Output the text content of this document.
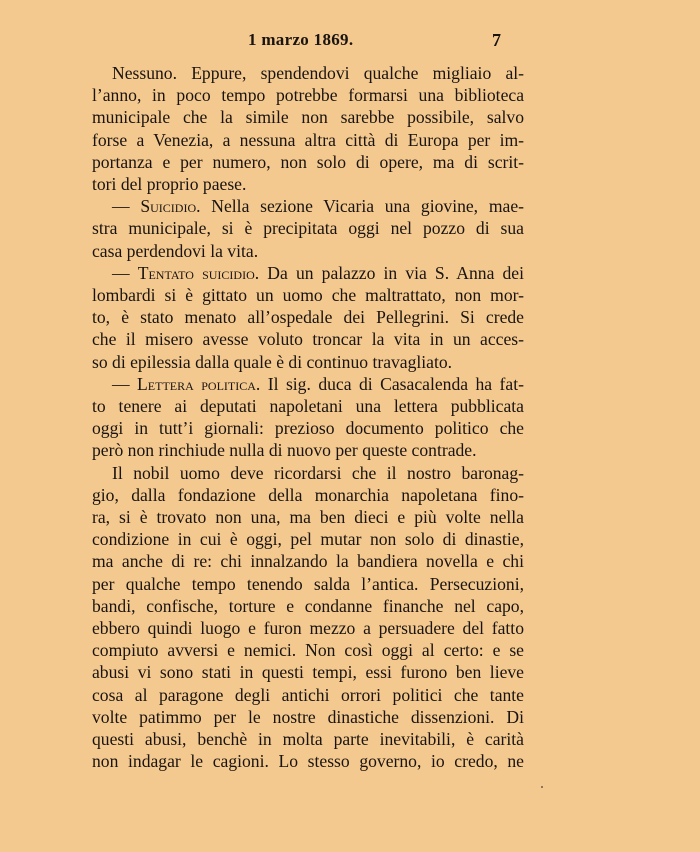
1 marzo 1869.	7
Nessuno. Eppure, spendendovi qualche migliaio al-
l’anno, in poco tempo potrebbe formarsi una biblioteca
municipale che la simile non sarebbe possibile, salvo
forse a Venezia, a nessuna altra città di Europa per im-
portanza e per numero, non solo di opere, ma di scrit-
tori del proprio paese.
— Suicidio. Nella sezione Vicaria una giovine, mae-
stra municipale, si è precipitata oggi nel pozzo di sua
casa perdendovi la vita.
— Tentato suicidio. Da un palazzo in via S. Anna dei
lombardi si è gittato un uomo che maltrattato, non mor-
to, è stato menato all’ospedale dei Pellegrini. Si crede
che il misero avesse voluto troncar la vita in un acces-
so di epilessia dalla quale è di continuo travagliato.
— Lettera politica. Il sig. duca di Casacalenda ha fat-
to tenere ai deputati napoletani una lettera pubblicata
oggi in tutt’i giornali: prezioso documento politico che
però non rinchiude nulla di nuovo per queste contrade.
Il nobil uomo deve ricordarsi che il nostro baronag-
gio, dalla fondazione della monarchia napoletana fino-
ra, si è trovato non una, ma ben dieci e più volte nella
condizione in cui è oggi, pel mutar non solo di dinastie,
ma anche di re: chi innalzando la bandiera novella e chi
per qualche tempo tenendo salda l’antica. Persecuzioni,
bandi, confische, torture e condanne finanche nel capo,
ebbero quindi luogo e furon mezzo a persuadere del fatto
compiuto avversi e nemici. Non così oggi al certo: e se
abusi vi sono stati in questi tempi, essi furono ben lieve
cosa al paragone degli antichi orrori politici che tante
volte patimmo per le nostre dinastiche dissenzioni. Di
questi abusi, benchè in molta parte inevitabili, è carità
non indagar le cagioni. Lo stesso governo, io credo, ne
